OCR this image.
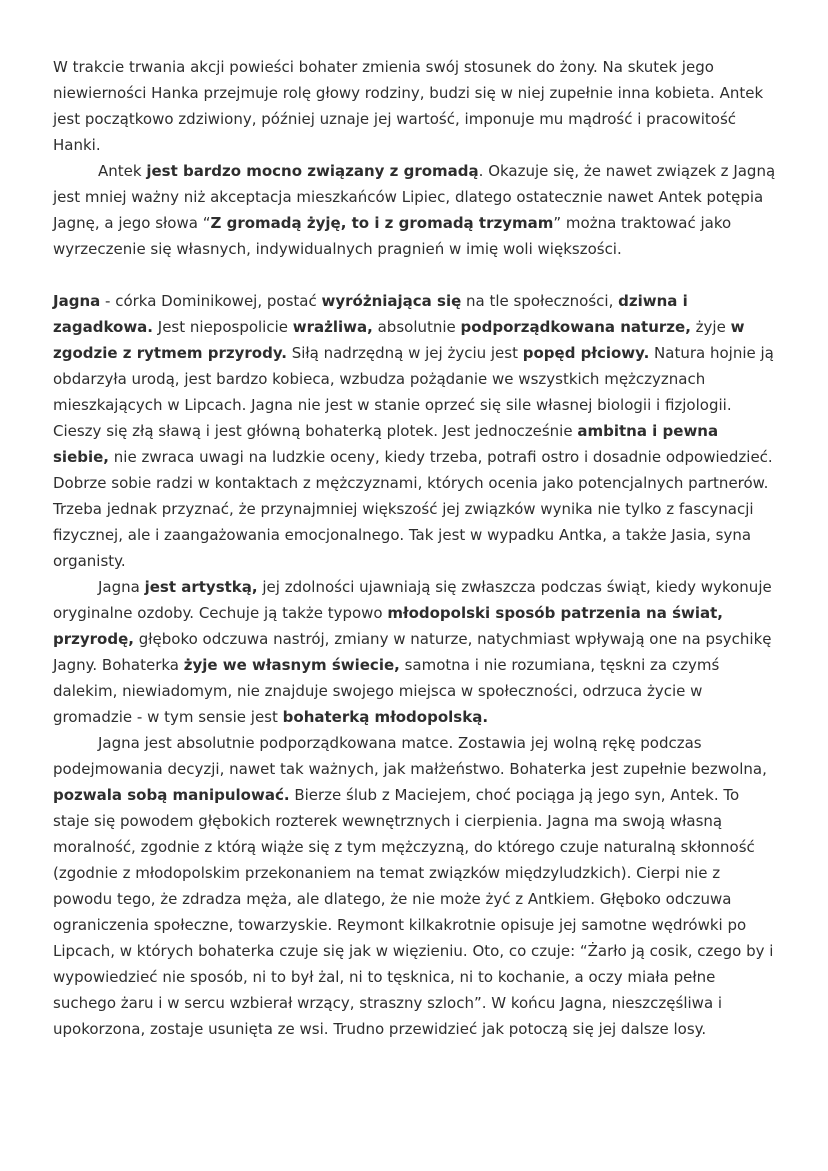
W trakcie trwania akcji powieści bohater zmienia swój stosunek do żony. Na skutek jego niewierności Hanka przejmuje rolę głowy rodziny, budzi się w niej zupełnie inna kobieta. Antek jest początkowo zdziwiony, później uznaje jej wartość, imponuje mu mądrość i pracowitość Hanki.

Antek jest bardzo mocno związany z gromadą. Okazuje się, że nawet związek z Jagną jest mniej ważny niż akceptacja mieszkańców Lipiec, dlatego ostatecznie nawet Antek potępia Jagnę, a jego słowa “Z gromadą żyję, to i z gromadą trzymam” można traktować jako wyrzeczenie się własnych, indywidualnych pragnień w imię woli większości.

Jagna - córka Dominikowej, postać wyróżniająca się na tle społeczności, dziwna i zagadkowa. Jest niepospolicie wrażliwa, absolutnie podporządkowana naturze, żyje w zgodzie z rytmem przyrody. Siłą nadrzędną w jej życiu jest popęd płciowy. Natura hojnie ją obdarzyła urodą, jest bardzo kobieca, wzbudza pożądanie we wszystkich mężczyznach mieszkających w Lipcach. Jagna nie jest w stanie oprzeć się sile własnej biologii i fizjologii. Cieszy się złą sławą i jest główną bohaterką plotek. Jest jednocześnie ambitna i pewna siebie, nie zwraca uwagi na ludzkie oceny, kiedy trzeba, potrafi ostro i dosadnie odpowiedzieć. Dobrze sobie radzi w kontaktach z mężczyznami, których ocenia jako potencjalnych partnerów. Trzeba jednak przyznać, że przynajmniej większość jej związków wynika nie tylko z fascynacji fizycznej, ale i zaangażowania emocjonalnego. Tak jest w wypadku Antka, a także Jasia, syna organisty.

Jagna jest artystką, jej zdolności ujawniają się zwłaszcza podczas świąt, kiedy wykonuje oryginalne ozdoby. Cechuje ją także typowo młodopolski sposób patrzenia na świat, przyrodę, głęboko odczuwa nastrój, zmiany w naturze, natychmiast wpływają one na psychikę Jagny. Bohaterka żyje we własnym świecie, samotna i nie rozumiana, tęskni za czymś dalekim, niewiadomym, nie znajduje swojego miejsca w społeczności, odrzuca życie w gromadzie - w tym sensie jest bohaterką młodopolską.

Jagna jest absolutnie podporządkowana matce. Zostawia jej wolną rękę podczas podejmowania decyzji, nawet tak ważnych, jak małżeństwo. Bohaterka jest zupełnie bezwolna, pozwala sobą manipulować. Bierze ślub z Maciejem, choć pociąga ją jego syn, Antek. To staje się powodem głębokich rozterek wewnętrznych i cierpienia. Jagna ma swoją własną moralność, zgodnie z którą wiąże się z tym mężczyzną, do którego czuje naturalną skłonność (zgodnie z młodopolskim przekonaniem na temat związków międzyludzkich). Cierpi nie z powodu tego, że zdradza męża, ale dlatego, że nie może żyć z Antkiem. Głęboko odczuwa ograniczenia społeczne, towarzyskie. Reymont kilkakrotnie opisuje jej samotne wędrówki po Lipcach, w których bohaterka czuje się jak w więzieniu. Oto, co czuje: “Żarło ją cosik, czego by i wypowiedzieć nie sposób, ni to był żal, ni to tęsknica, ni to kochanie, a oczy miała pełne suchego żaru i w sercu wzbierał wrzący, straszny szloch”. W końcu Jagna, nieszczęśliwa i upokorzona, zostaje usunięta ze wsi. Trudno przewidzieć jak potoczą się jej dalsze losy.
